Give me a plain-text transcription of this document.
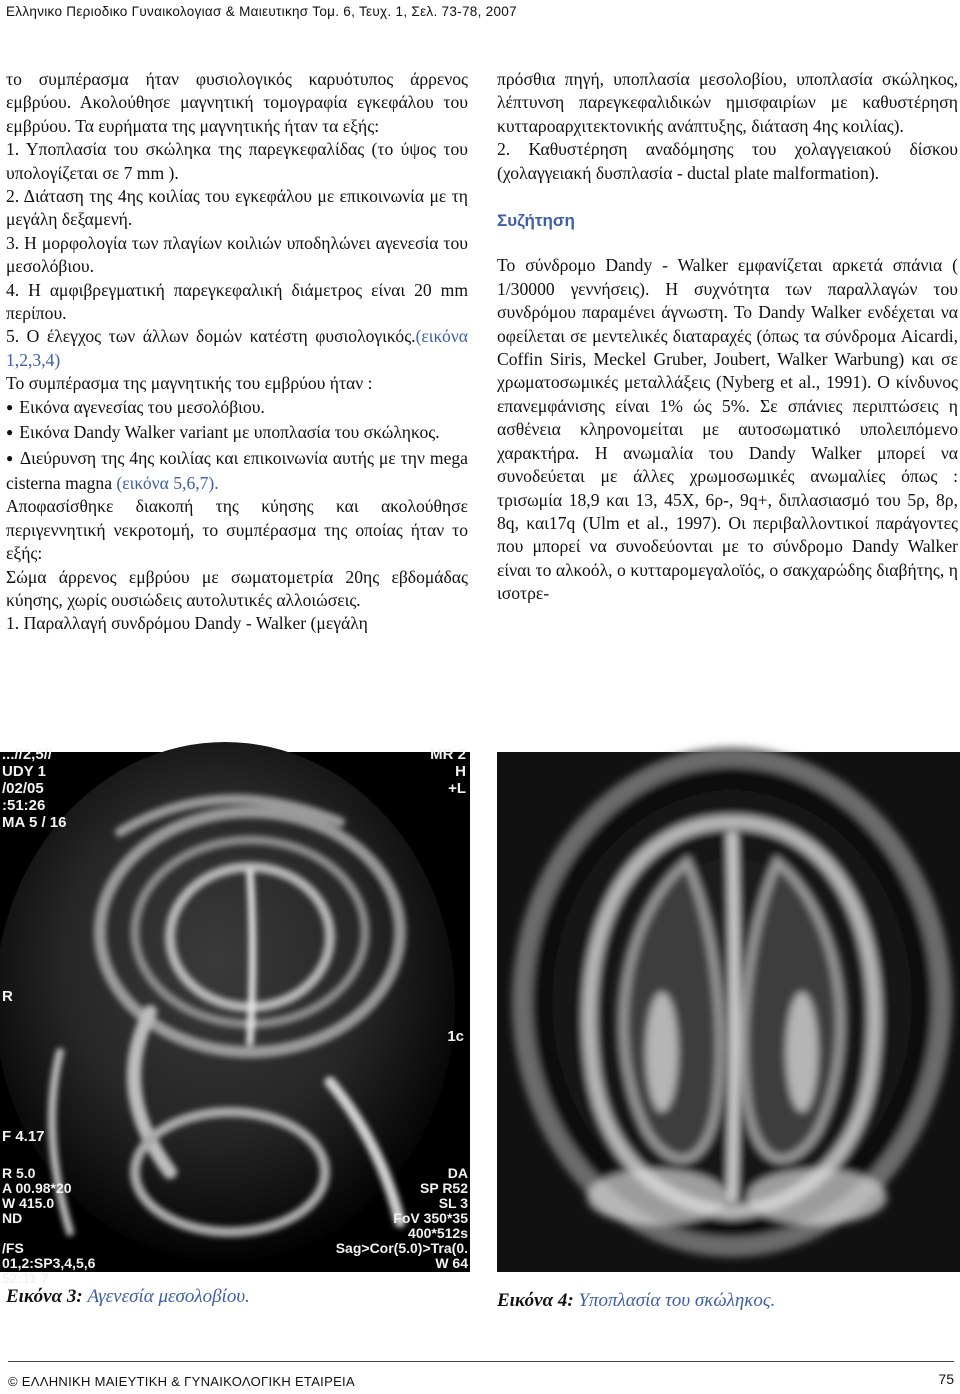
Ελληνικο Περιοδικο Γυναικολογιασ & Μαιευτικησ Τομ. 6, Τευχ. 1, Σελ. 73-78, 2007

το συμπέρασμα ήταν φυσιολογικός καρυότυπος άρρενος εμβρύου. Ακολούθησε μαγνητική τομογραφία εγκεφάλου του εμβρύου. Τα ευρήματα της μαγνητικής ήταν τα εξής:

1. Υποπλασία του σκώληκα της παρεγκεφαλίδας (το ύψος του υπολογίζεται σε 7 mm ).

2. Διάταση της 4ης κοιλίας του εγκεφάλου με επικοινωνία με τη μεγάλη δεξαμενή.

3. Η μορφολογία των πλαγίων κοιλιών υποδηλώνει αγενεσία του μεσολόβιου.

4. Η αμφιβρεγματική παρεγκεφαλική διάμετρος είναι 20 mm περίπου.

5. Ο έλεγχος των άλλων δομών κατέστη φυσιολογικός.(εικόνα 1,2,3,4)

Το συμπέρασμα της μαγνητικής του εμβρύου ήταν :

● Εικόνα αγενεσίας του μεσολόβιου.

● Εικόνα Dandy Walker variant με υποπλασία του σκώληκος.

● Διεύρυνση της 4ης κοιλίας και επικοινωνία αυτής με την mega cisterna magna (εικόνα 5,6,7).

Αποφασίσθηκε διακοπή της κύησης και ακολούθησε περιγεννητική νεκροτομή, το συμπέρασμα της οποίας ήταν το εξής:

Σώμα άρρενος εμβρύου με σωματομετρία 20ης εβδομάδας κύησης, χωρίς ουσιώδεις αυτολυτικές αλλοιώσεις.

1. Παραλλαγή συνδρόμου Dandy - Walker (μεγάλη

πρόσθια πηγή, υποπλασία μεσολοβίου, υποπλασία σκώληκος, λέπτυνση παρεγκεφαλιδικών ημισφαιρίων με καθυστέρηση κυτταροαρχιτεκτονικής ανάπτυξης, διάταση 4ης κοιλίας).

2. Καθυστέρηση αναδόμησης του χολαγγειακού δίσκου (χολαγγειακή δυσπλασία - ductal plate malformation).

Συζήτηση

Το σύνδρομο Dandy - Walker εμφανίζεται αρκετά σπάνια ( 1/30000 γεννήσεις). Η συχνότητα των παραλλαγών του συνδρόμου παραμένει άγνωστη. Το Dandy Walker ενδέχεται να οφείλεται σε μεντελικές διαταραχές (όπως τα σύνδρομα Aicardi, Coffin Siris, Meckel Gruber, Joubert, Walker Warbung) και σε χρωματοσωμικές μεταλλάξεις (Nyberg et al., 1991). Ο κίνδυνος επανεμφάνισης είναι 1% ώς 5%. Σε σπάνιες περιπτώσεις η ασθένεια κληρονομείται με αυτοσωματικό υπολειπόμενο χαρακτήρα. Η ανωμαλία του Dandy Walker μπορεί να συνοδεύεται με άλλες χρωμοσωμικές ανωμαλίες όπως : τρισωμία 18,9 και 13, 45Χ, 6ρ-, 9q+, διπλασιασμό του 5ρ, 8ρ, 8q, και17q (Ulm et al., 1997). Οι περιβαλλοντικοί παράγοντες που μπορεί να συνοδεύονται με το σύνδρομο Dandy Walker είναι το αλκοόλ, ο κυτταρομεγαλοϊός, ο σακχαρώδης διαβήτης, η ισοτρε-

...//2,5//
UDY 1
/02/05
:51:26
MA 5 / 16
MR 2
H
+L
R
1c
F 4.17
R 5.0
A 00.98*20
W 415.0
ND

/FS
01,2:SP3,4,5,6
52:11 7
DA
SP R52
SL 3
FoV 350*35
400*512s
Sag>Cor(5.0)>Tra(0.
W 64
Εικόνα 3: Αγενεσία μεσολοβίου.	Εικόνα 4: Υποπλασία του σκώληκος.
© ΕΛΛΗΝΙΚΗ ΜΑΙΕΥΤΙΚΗ & ΓΥΝΑΙΚΟΛΟΓΙΚΗ ΕΤΑΙΡΕΙΑ	75
